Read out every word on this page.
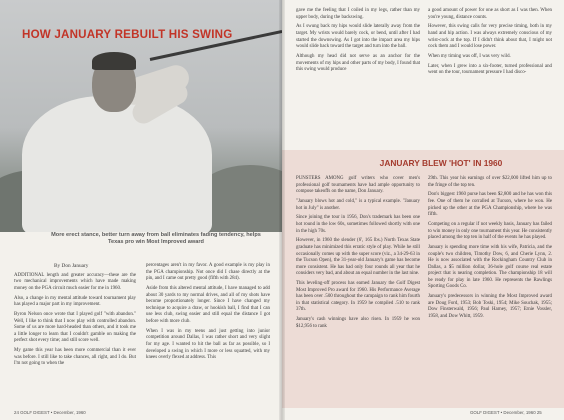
HOW JANUARY REBUILT HIS SWING
More erect stance, better turn away from ball eliminates fading tendency, helps Texas pro win Most Improved award
By Don January

ADDITIONAL length and greater accuracy—these are the two mechanical improvements which have made making money on the PGA circuit much easier for me in 1960.

Also, a change in my mental attitude toward tournament play has played a major part in my improvement.

Byron Nelson once wrote that I played golf "with abandon." Well, I like to think that I now play with controlled abandon. Some of us are more hard-headed than others, and it took me a little longer to learn that I couldn't gamble on making the perfect shot every time; and still score well.

My game this year has been more commercial than it ever was before. I still like to take chances, all right, and I do. But I'm not going to when the

percentages aren't in my favor. A good example is my play in the PGA championship. Not once did I chase directly at the pin, and I came out pretty good (fifth with 284).

Aside from this altered mental attitude, I have managed to add about 30 yards to my normal drives, and all of my shots have become proportionately longer. Since I have changed my technique to acquire a draw, or hookish ball, I find that I can use less club, swing easier and still equal the distance I got before with more club.

When I was in my teens and just getting into junior competition around Dallas, I was rather short and very slight for my age. I wanted to hit the ball as far as possible, so I developed a swing in which I more or less squatted, with my knees overly flexed at address. This

24 GOLF DIGEST • December, 1960

gave me the feeling that I coiled in my legs, rather than my upper body, during the backswing.

As I swung back my hips would slide laterally away from the target. My wrists would barely cock, or bend, until after I had started the downswing. As I got into the impact area my hips would slide back toward the target and turn into the ball.

Although my head did not serve as an anchor for the movements of my hips and other parts of my body, I found that this swing would produce

a good amount of power for one as short as I was then. When you're young, distance counts.

However, this swing calls for very precise timing, both in my hand and hip action. I was always extremely conscious of my wrist-cock at the top. If I didn't think about that, I might not cock them and I would lose power.

When my timing was off, I was very wild.

Later, when I grew into a six-footer, turned professional and went on the tour, tournament pressure I had disco-

JANUARY BLEW 'HOT' IN 1960

PUNSTERS AMONG golf writers who cover men's professional golf tournaments have had ample opportunity to compose takeoffs on the name, Don January.

"January blows hot and cold," is a typical example. "January hot in July" is another.

Since joining the tour in 1956, Don's trademark has been one hot round in the low 60s, sometimes followed shortly with one in the high 70s.

However, in 1960 the slender (6', 165 lbs.) North Texas State graduate has minimized this erratic style of play. While he still occasionally comes up with the super score (viz., a 34-29-63 in the Tucson Open), the 31-year-old January's game has become more consistent. He has had only four rounds all year that he considers very bad, and about an equal number in the last nine.

This leveling-off process has earned January the Golf Digest Most Improved Pro award for 1960. His Performance Average has been over .500 throughout the campaign to rank him fourth in that statistical category. In 1959 he compiled .510 to rank 37th.

January's cash winnings have also risen. In 1959 he won $12,956 to rank

29th. This year his earnings of over $22,000 lifted him up to the fringe of the top ten.

Don's biggest 1960 purse has been $2,800 and he has won this fee. One of them he corralled at Tucson, where he won. He picked up the other at the PGA Championship, where he was fifth.

Competing on a regular if not weekly basis, January has failed to win money in only one tournament this year. He consistently placed among the top ten in half of the events he has played.

January is spending more time with his wife, Patricia, and the couple's two children, Timothy Dow, 6, and Cherie Lynn, 2. He is now associated with the Rockingham Country Club in Dallas, a $5 million dollar, 36-hole golf course real estate project that is nearing completion. The championship 18 will be ready for play in late 1960. He represents the Rawlings Sporting Goods Co.

January's predecessors in winning the Most Improved award are Doug Ford, 1953; Bob Toski, 1954; Mike Souchak, 1955; Dow Finsterwald, 1956; Paul Harney, 1957; Ernie Vossler, 1958, and Dow Whitt, 1959.

GOLF DIGEST • December, 1960 25
